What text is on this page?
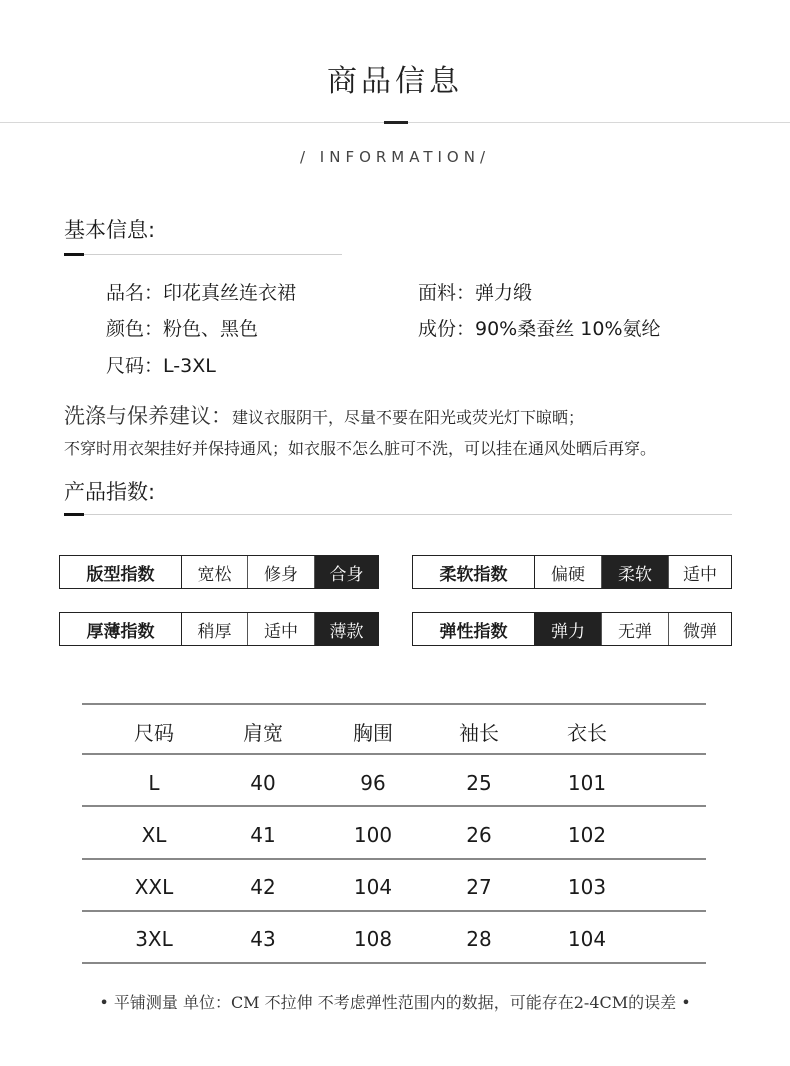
商品信息
/ INFORMATION/
基本信息:
品名：印花真丝连衣裙	面料：弹力缎
颜色：粉色、黑色	成份：90%桑蚕丝 10%氨纶
尺码：L-3XL
洗涤与保养建议：建议衣服阴干，尽量不要在阳光或荧光灯下晾晒；
不穿时用衣架挂好并保持通风；如衣服不怎么脏可不洗，可以挂在通风处晒后再穿。
产品指数:
版型指数	宽松	修身	合身	柔软指数	偏硬	柔软	适中
厚薄指数	稍厚	适中	薄款	弹性指数	弹力	无弹	微弹
尺码	肩宽	胸围	袖长	衣长
L	40	96	25	101
XL	41	100	26	102
XXL	42	104	27	103
3XL	43	108	28	104
• 平铺测量 单位：CM 不拉伸 不考虑弹性范围内的数据，可能存在2-4CM的误差 •
